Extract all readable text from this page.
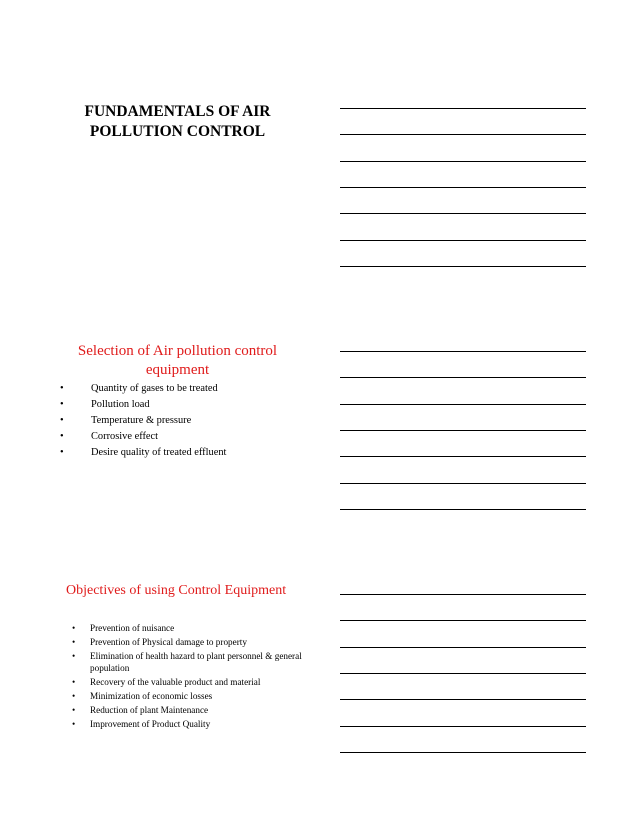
FUNDAMENTALS OF AIR
POLLUTION CONTROL
Selection of Air pollution control
equipment
•	Quantity of gases to be treated
•	Pollution load
•	Temperature & pressure
•	Corrosive effect
•	Desire quality of treated effluent
Objectives of using Control Equipment
• Prevention of nuisance
• Prevention of Physical damage to property
• Elimination of health hazard to plant personnel & general population
• Recovery of the valuable product and material
• Minimization of economic losses
• Reduction of plant Maintenance
• Improvement of Product Quality
